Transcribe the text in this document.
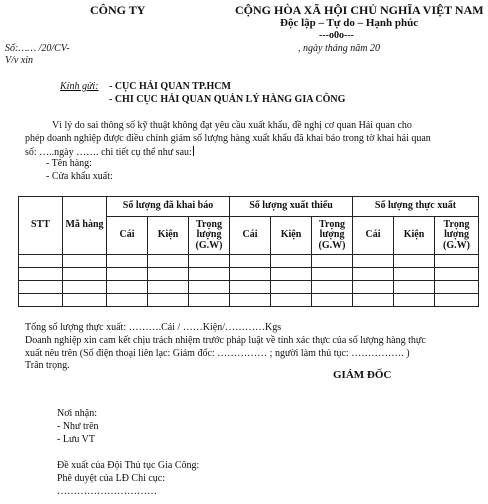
CÔNG TY	CỘNG HÒA XÃ HỘI CHỦ NGHĨA VIỆT NAM
Độc lập – Tự do – Hạnh phúc
---o0o---
Số:…… /20/CV-	, ngày tháng năm 20
V/v xin
Kính gửi: - CỤC HẢI QUAN TP.HCM
- CHI CỤC HẢI QUAN QUẢN LÝ HÀNG GIA CÔNG
Vì lý do sai thông số kỹ thuật không đạt yêu cầu xuất khẩu, đề nghị cơ quan Hải quan cho
phép doanh nghiệp được điều chỉnh giảm số lượng hàng xuất khẩu đã khai báo trong tờ khai hải quan
số: …..ngày ……. chi tiết cụ thể như sau:
- Tên hàng:
- Cửa khẩu xuất:
STT	Mã hàng	Số lượng đã khai báo			Số lượng xuất thiếu			Số lượng thực xuất		
		Cái	Kiện	Trọng lượng (G.W)	Cái	Kiện	Trọng lượng (G.W)	Cái	Kiện	Trọng lượng (G.W)

Tổng số lượng thực xuất: ……….Cái / ……Kiện/…………Kgs
Doanh nghiệp xin cam kết chịu trách nhiệm trước pháp luật về tính xác thực của số lượng hàng thực
xuất nêu trên (Số điện thoại liên lạc: Giám đốc: …………… ; người làm thủ tục: ……………. )
Trân trọng.
GIÁM ĐỐC
Nơi nhận:
- Như trên
- Lưu VT
Đề xuất của Đội Thủ tục Gia Công:
Phê duyệt của LĐ Chi cục:
…………………………
